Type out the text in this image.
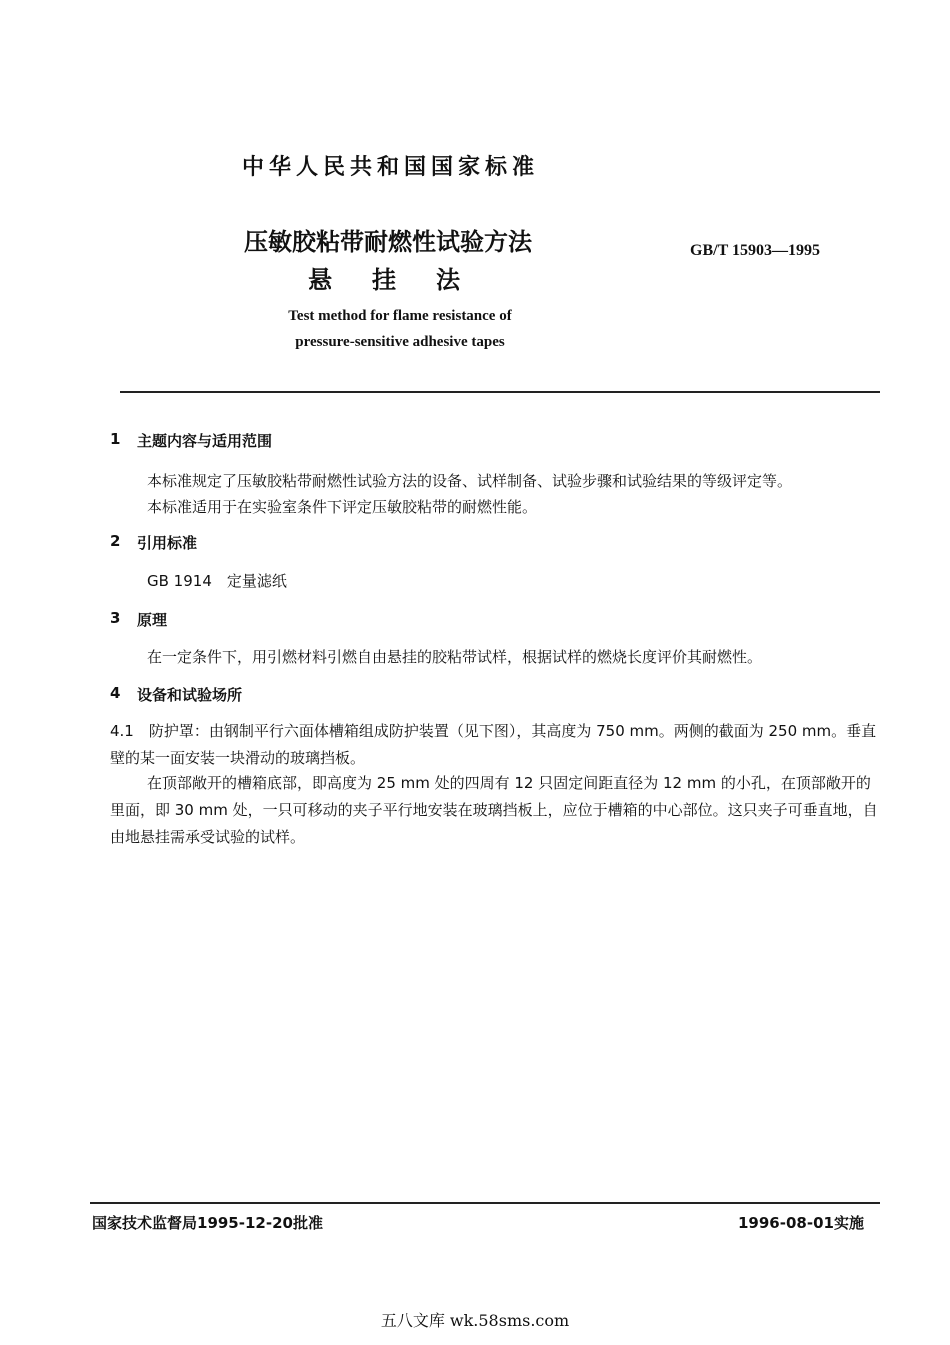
中华人民共和国国家标准
压敏胶粘带耐燃性试验方法
悬挂法
GB/T 15903—1995
Test method for flame resistance of
pressure-sensitive adhesive tapes
1 主题内容与适用范围
本标准规定了压敏胶粘带耐燃性试验方法的设备、试样制备、试验步骤和试验结果的等级评定等。
本标准适用于在实验室条件下评定压敏胶粘带的耐燃性能。
2 引用标准
GB 1914　定量滤纸
3 原理
在一定条件下，用引燃材料引燃自由悬挂的胶粘带试样，根据试样的燃烧长度评价其耐燃性。
4 设备和试验场所
4.1　防护罩：由钢制平行六面体槽箱组成防护装置（见下图），其高度为 750 mm。两侧的截面为 250 mm。垂直壁的某一面安装一块滑动的玻璃挡板。
在顶部敞开的槽箱底部，即高度为 25 mm 处的四周有 12 只固定间距直径为 12 mm 的小孔，在顶部敞开的里面，即 30 mm 处，一只可移动的夹子平行地安装在玻璃挡板上，应位于槽箱的中心部位。这只夹子可垂直地，自由地悬挂需承受试验的试样。
国家技术监督局1995-12-20批准	1996-08-01实施
五八文库 wk.58sms.com
